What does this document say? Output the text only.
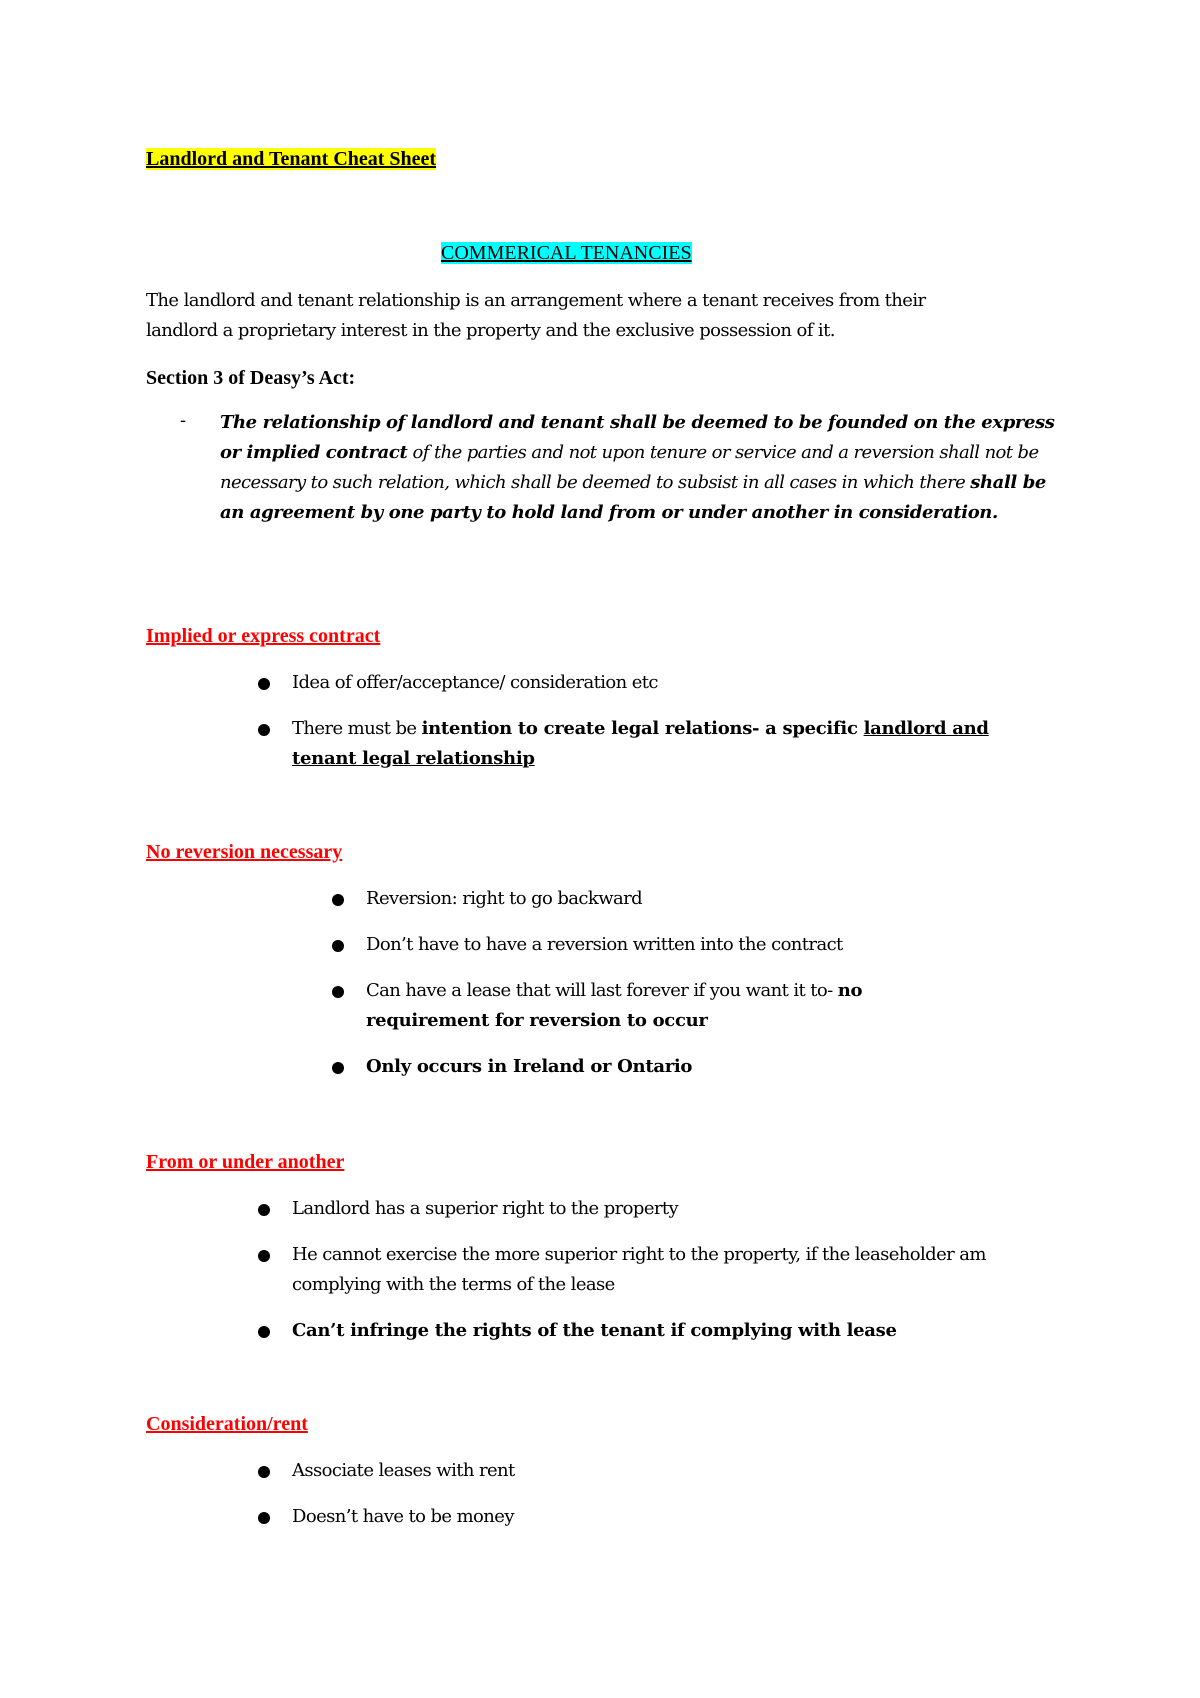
Landlord and Tenant Cheat Sheet
COMMERICAL TENANCIES
The landlord and tenant relationship is an arrangement where a tenant receives from their
landlord a proprietary interest in the property and the exclusive possession of it.
Section 3 of Deasy’s Act:
- The relationship of landlord and tenant shall be deemed to be founded on the express or implied contract of the parties and not upon tenure or service and a reversion shall not be necessary to such relation, which shall be deemed to subsist in all cases in which there shall be an agreement by one party to hold land from or under another in consideration.
Implied or express contract
Idea of offer/acceptance/ consideration etc
There must be intention to create legal relations- a specific landlord and tenant legal relationship
No reversion necessary
Reversion: right to go backward
Don’t have to have a reversion written into the contract
Can have a lease that will last forever if you want it to- no requirement for reversion to occur
Only occurs in Ireland or Ontario
From or under another
Landlord has a superior right to the property
He cannot exercise the more superior right to the property, if the leaseholder am complying with the terms of the lease
Can’t infringe the rights of the tenant if complying with lease
Consideration/rent
Associate leases with rent
Doesn’t have to be money
